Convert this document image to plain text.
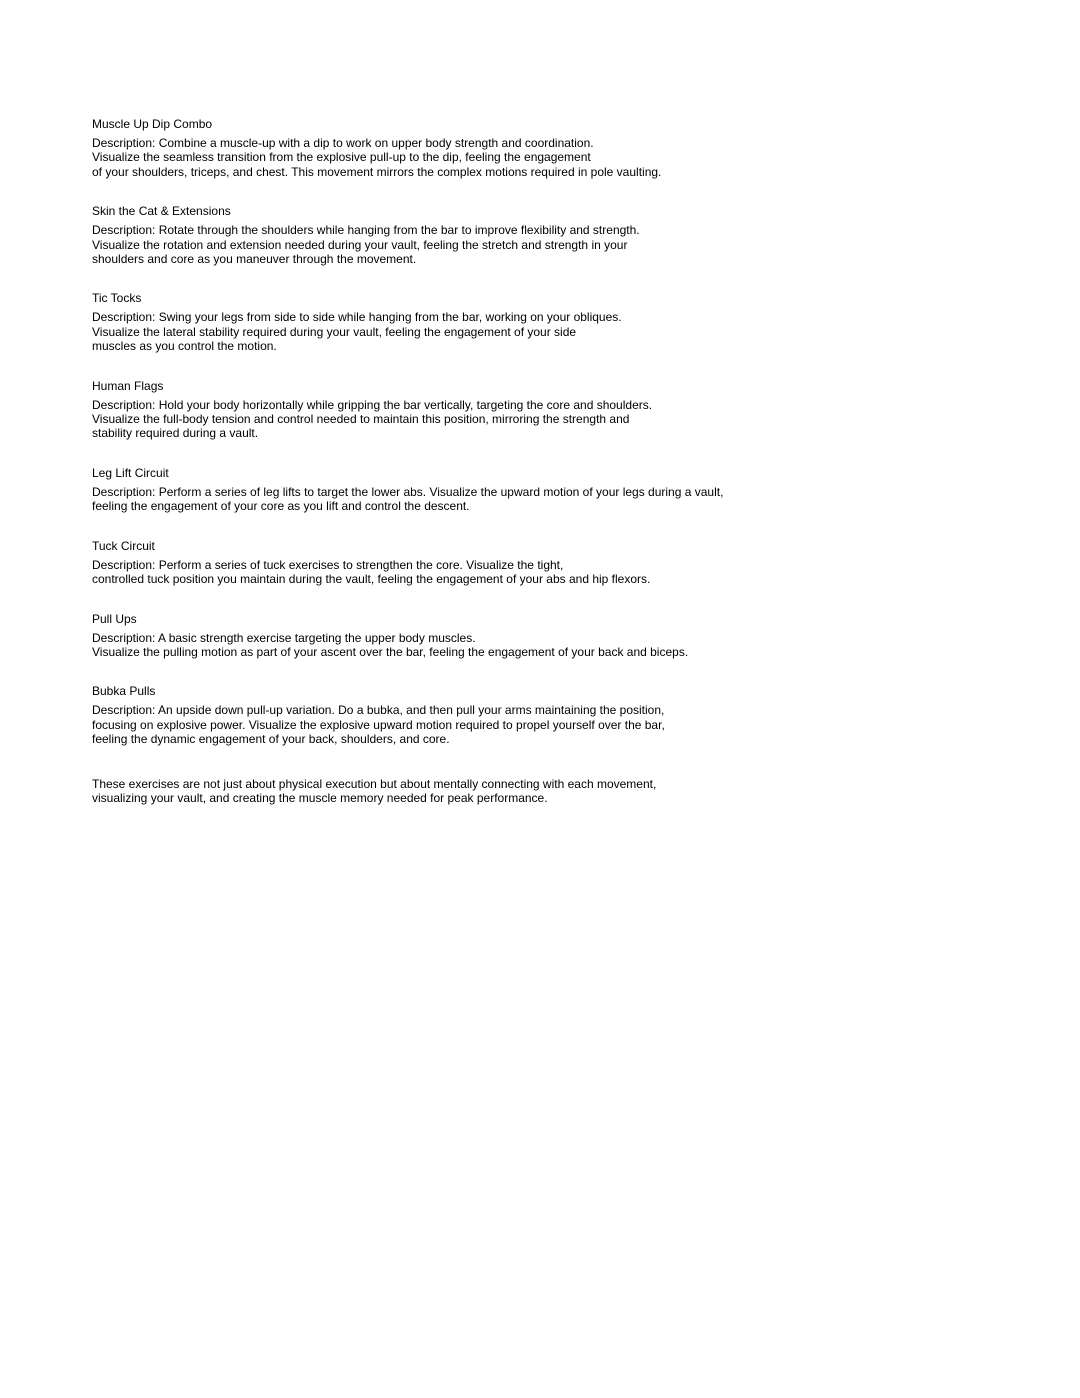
Muscle Up Dip Combo
Description: Combine a muscle-up with a dip to work on upper body strength and coordination.
Visualize the seamless transition from the explosive pull-up to the dip, feeling the engagement
of your shoulders, triceps, and chest. This movement mirrors the complex motions required in pole vaulting.
Skin the Cat & Extensions
Description: Rotate through the shoulders while hanging from the bar to improve flexibility and strength.
Visualize the rotation and extension needed during your vault, feeling the stretch and strength in your
shoulders and core as you maneuver through the movement.
Tic Tocks
Description: Swing your legs from side to side while hanging from the bar, working on your obliques.
Visualize the lateral stability required during your vault, feeling the engagement of your side
muscles as you control the motion.
Human Flags
Description: Hold your body horizontally while gripping the bar vertically, targeting the core and shoulders.
Visualize the full-body tension and control needed to maintain this position, mirroring the strength and
stability required during a vault.
Leg Lift Circuit
Description: Perform a series of leg lifts to target the lower abs. Visualize the upward motion of your legs during a vault,
feeling the engagement of your core as you lift and control the descent.
Tuck Circuit
Description: Perform a series of tuck exercises to strengthen the core. Visualize the tight,
controlled tuck position you maintain during the vault, feeling the engagement of your abs and hip flexors.
Pull Ups
Description: A basic strength exercise targeting the upper body muscles.
Visualize the pulling motion as part of your ascent over the bar, feeling the engagement of your back and biceps.
Bubka Pulls
Description: An upside down pull-up variation. Do a bubka, and then pull your arms maintaining the position,
focusing on explosive power. Visualize the explosive upward motion required to propel yourself over the bar,
feeling the dynamic engagement of your back, shoulders, and core.
These exercises are not just about physical execution but about mentally connecting with each movement,
visualizing your vault, and creating the muscle memory needed for peak performance.
